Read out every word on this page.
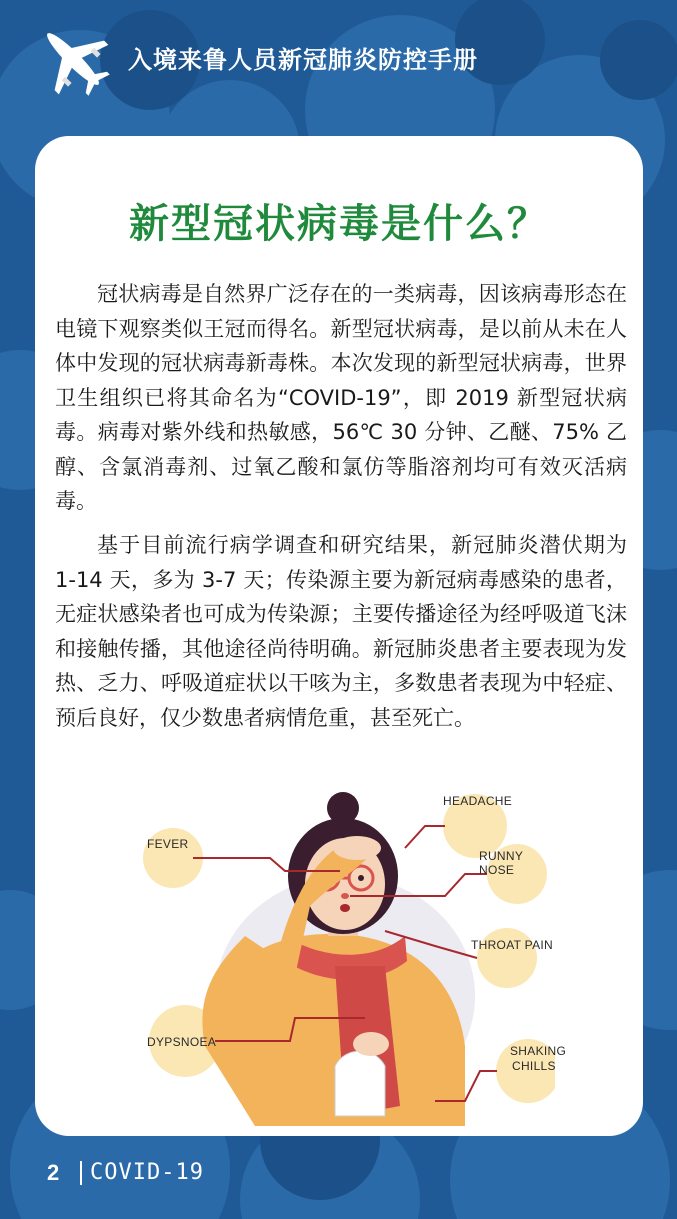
入境来鲁人员新冠肺炎防控手册
新型冠状病毒是什么？
冠状病毒是自然界广泛存在的一类病毒，因该病毒形态在电镜下观察类似王冠而得名。新型冠状病毒，是以前从未在人体中发现的冠状病毒新毒株。本次发现的新型冠状病毒，世界卫生组织已将其命名为“COVID-19”，即 2019 新型冠状病毒。病毒对紫外线和热敏感，56℃ 30 分钟、乙醚、75% 乙醇、含氯消毒剂、过氧乙酸和氯仿等脂溶剂均可有效灭活病毒。
基于目前流行病学调查和研究结果，新冠肺炎潜伏期为 1-14 天，多为 3-7 天；传染源主要为新冠病毒感染的患者，无症状感染者也可成为传染源；主要传播途径为经呼吸道飞沫和接触传播，其他途径尚待明确。新冠肺炎患者主要表现为发热、乏力、呼吸道症状以干咳为主，多数患者表现为中轻症、预后良好，仅少数患者病情危重，甚至死亡。
FEVER
HEADACHE
RUNNY NOSE
THROAT PAIN
DYPSNOEA
SHAKING
CHILLS
2 COVID-19
